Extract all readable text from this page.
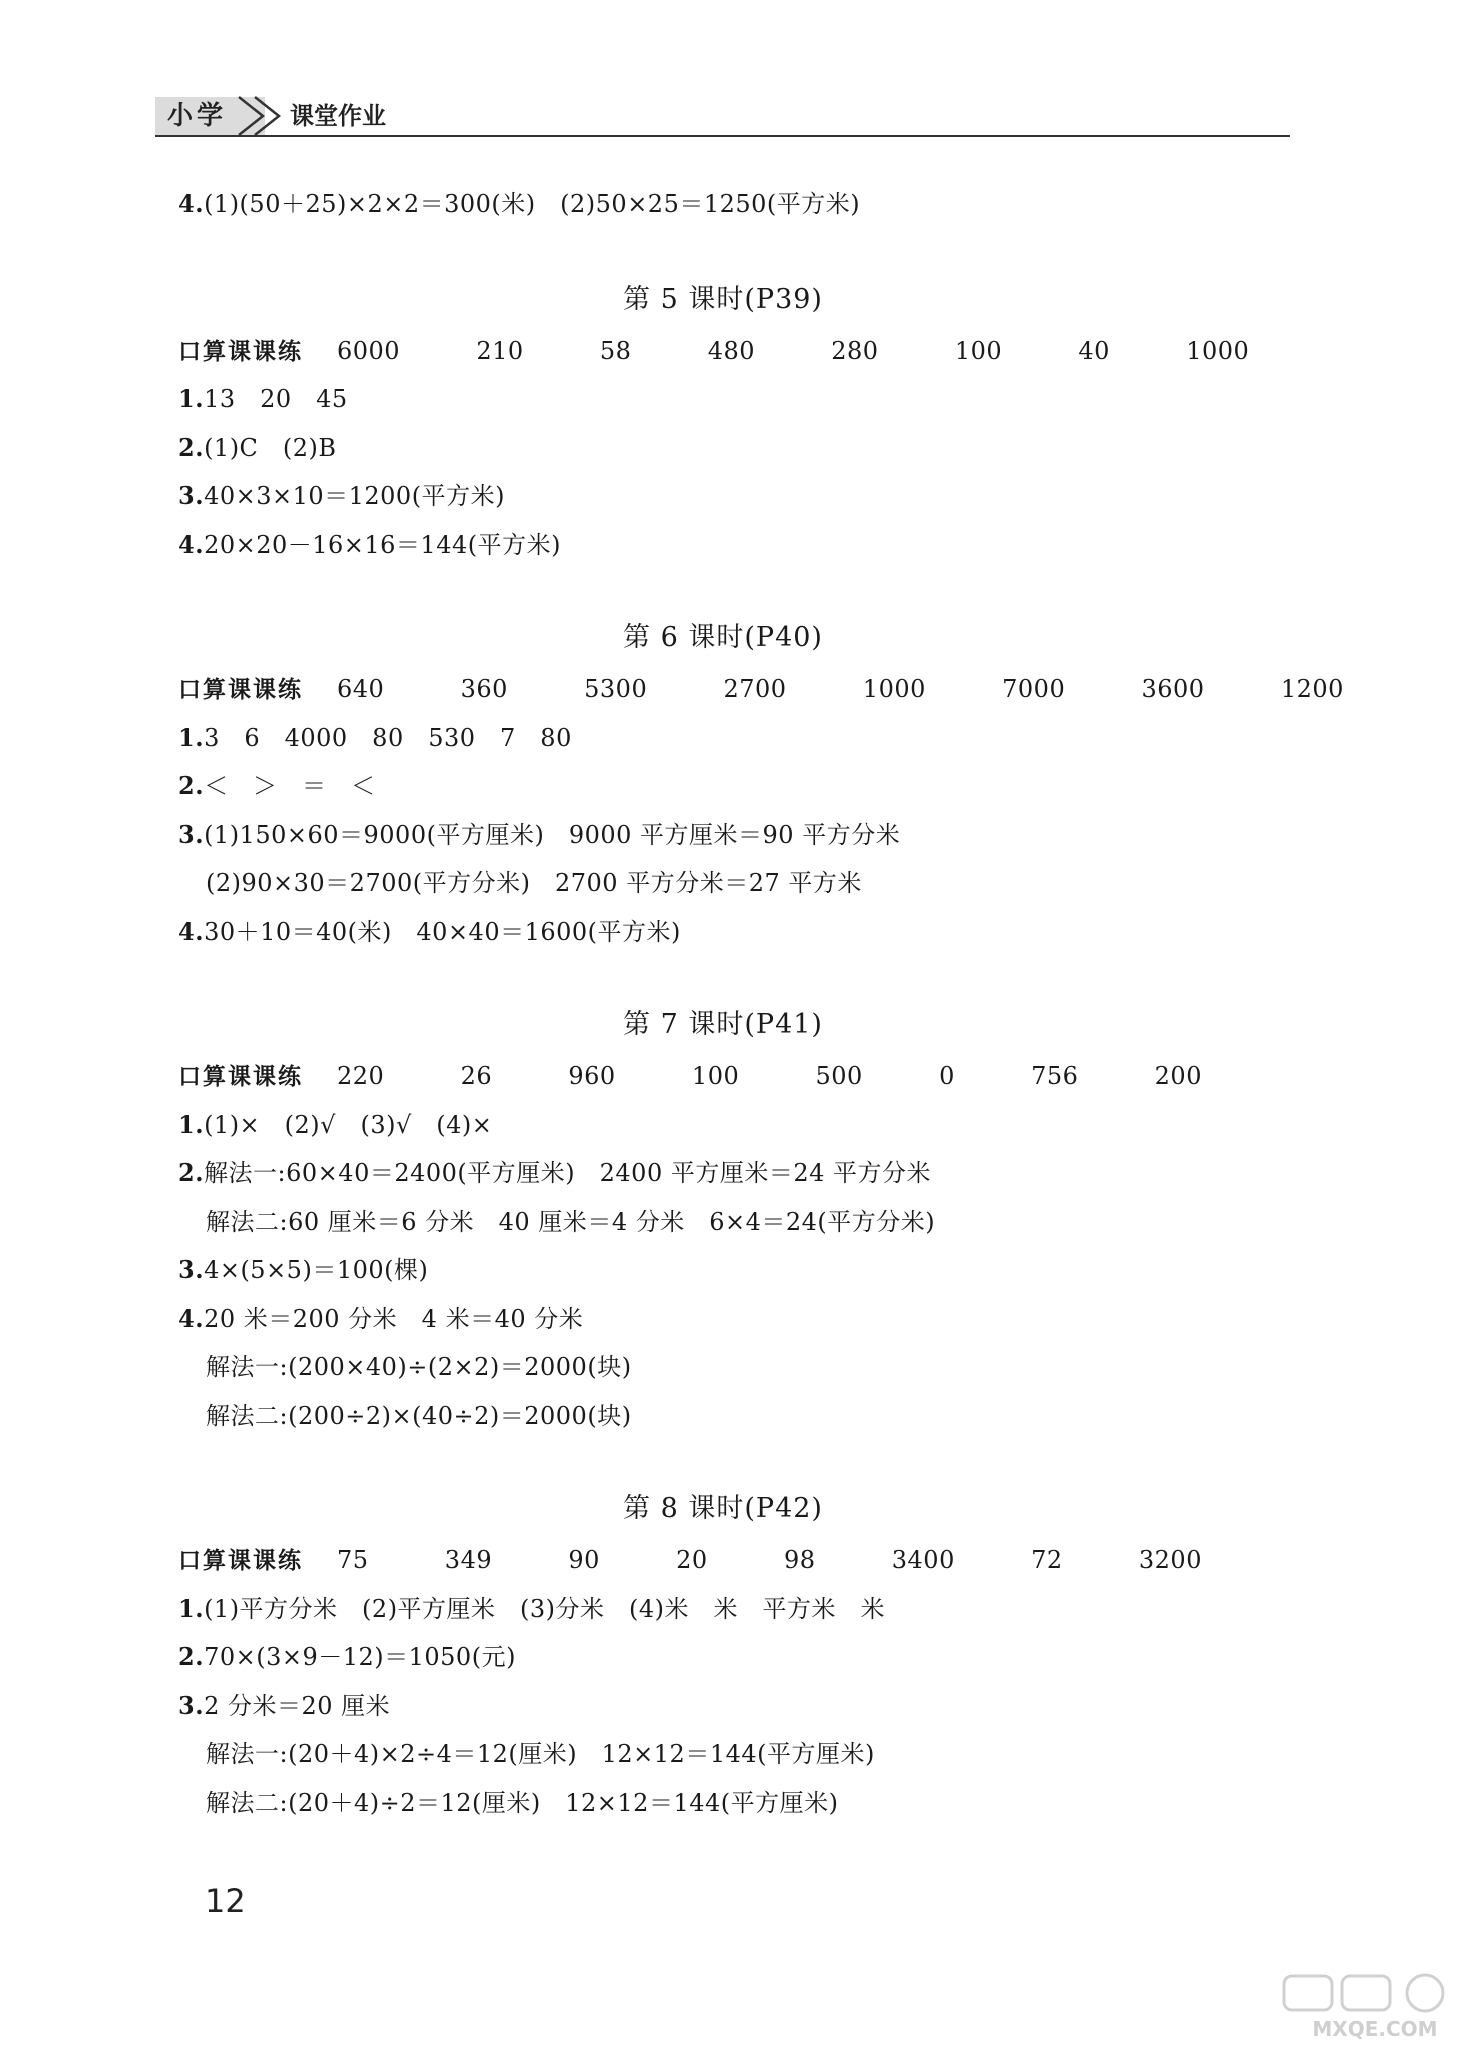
小学	课堂作业
4.(1)(50＋25)×2×2＝300(米)　(2)50×25＝1250(平方米)
第 5 课时(P39)
口算课课练 6000  210  58  480  280  100  40  1000
1.13　20　45
2.(1)C　(2)B
3.40×3×10＝1200(平方米)
4.20×20－16×16＝144(平方米)
第 6 课时(P40)
口算课课练 640  360  5300  2700  1000  7000  3600  1200
1.3　6　4000　80　530　7　80
2.＜　＞　＝　＜
3.(1)150×60＝9000(平方厘米)　9000 平方厘米＝90 平方分米
(2)90×30＝2700(平方分米)　2700 平方分米＝27 平方米
4.30＋10＝40(米)　40×40＝1600(平方米)
第 7 课时(P41)
口算课课练 220  26  960  100  500  0  756  200
1.(1)×　(2)√　(3)√　(4)×
2.解法一:60×40＝2400(平方厘米)　2400 平方厘米＝24 平方分米
解法二:60 厘米＝6 分米　40 厘米＝4 分米　6×4＝24(平方分米)
3.4×(5×5)＝100(棵)
4.20 米＝200 分米　4 米＝40 分米
解法一:(200×40)÷(2×2)＝2000(块)
解法二:(200÷2)×(40÷2)＝2000(块)
第 8 课时(P42)
口算课课练 75  349  90  20  98  3400  72  3200
1.(1)平方分米　(2)平方厘米　(3)分米　(4)米　米　平方米　米
2.70×(3×9－12)＝1050(元)
3.2 分米＝20 厘米
解法一:(20＋4)×2÷4＝12(厘米)　12×12＝144(平方厘米)
解法二:(20＋4)÷2＝12(厘米)　12×12＝144(平方厘米)
12
MXQE.COM
